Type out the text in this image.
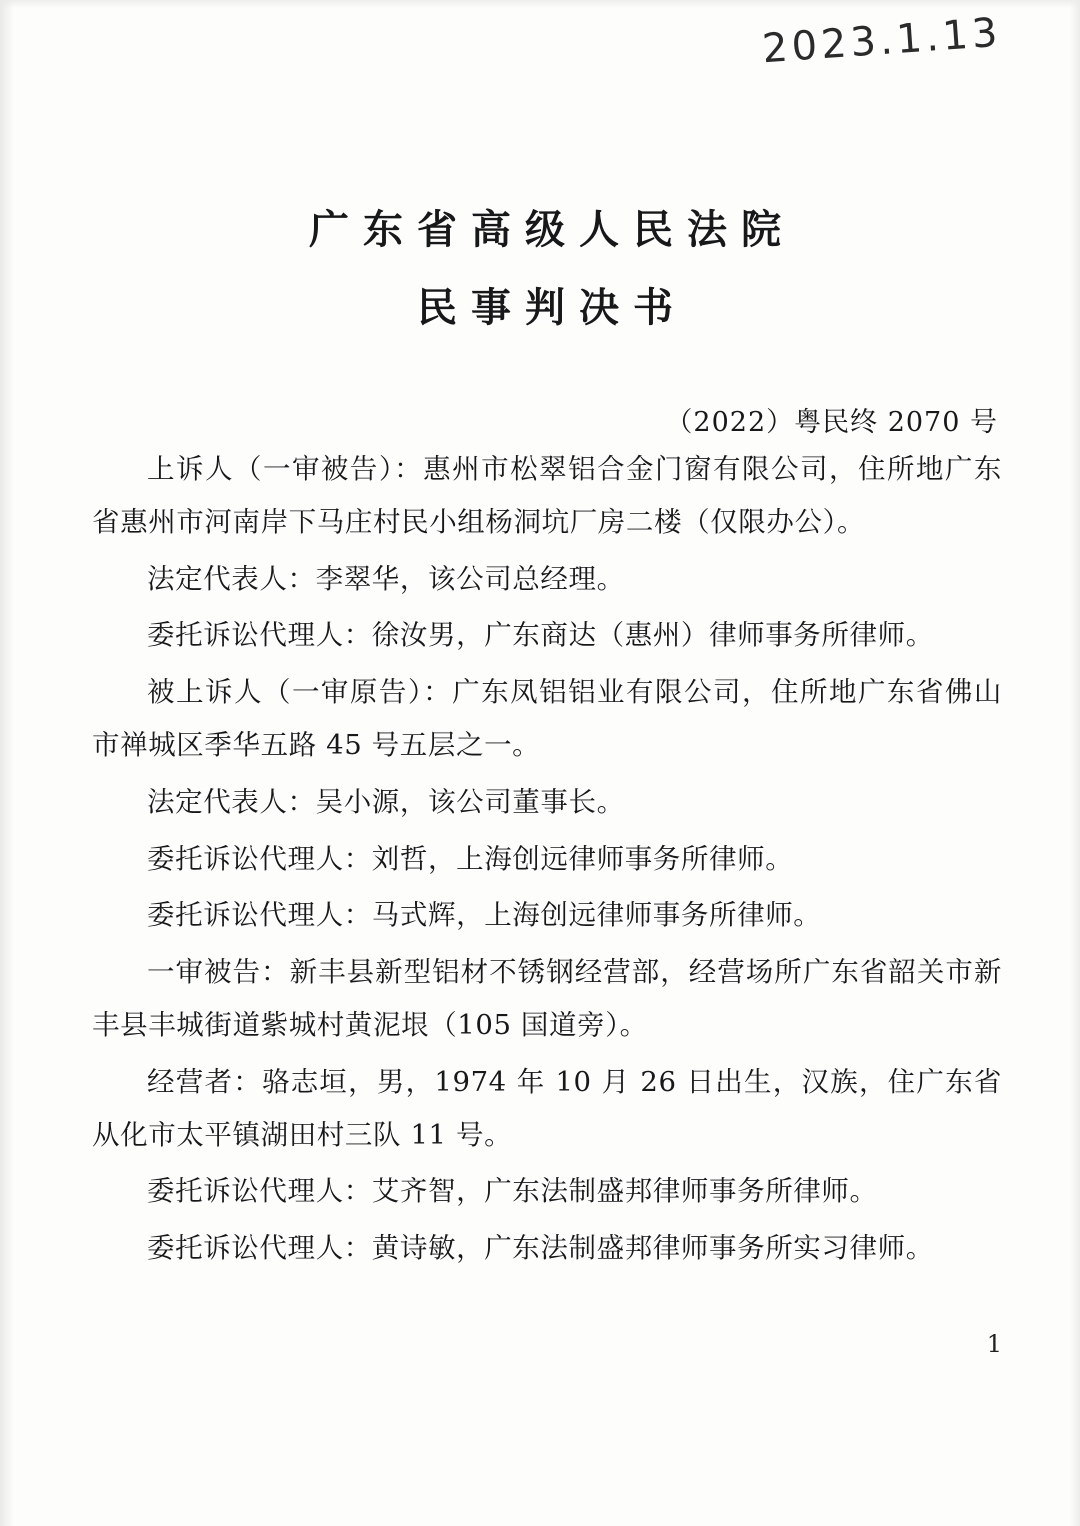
2023.1.13
广东省高级人民法院
民事判决书
（2022）粤民终 2070 号

上诉人（一审被告）：惠州市松翠铝合金门窗有限公司，住所地广东省惠州市河南岸下马庄村民小组杨洞坑厂房二楼（仅限办公）。

法定代表人：李翠华，该公司总经理。

委托诉讼代理人：徐汝男，广东商达（惠州）律师事务所律师。

被上诉人（一审原告）：广东凤铝铝业有限公司，住所地广东省佛山市禅城区季华五路 45 号五层之一。

法定代表人：吴小源，该公司董事长。

委托诉讼代理人：刘哲，上海创远律师事务所律师。

委托诉讼代理人：马式辉，上海创远律师事务所律师。

一审被告：新丰县新型铝材不锈钢经营部，经营场所广东省韶关市新丰县丰城街道紫城村黄泥垠（105 国道旁）。

经营者：骆志垣，男，1974 年 10 月 26 日出生，汉族，住广东省从化市太平镇湖田村三队 11 号。

委托诉讼代理人：艾齐智，广东法制盛邦律师事务所律师。

委托诉讼代理人：黄诗敏，广东法制盛邦律师事务所实习律师。

1
